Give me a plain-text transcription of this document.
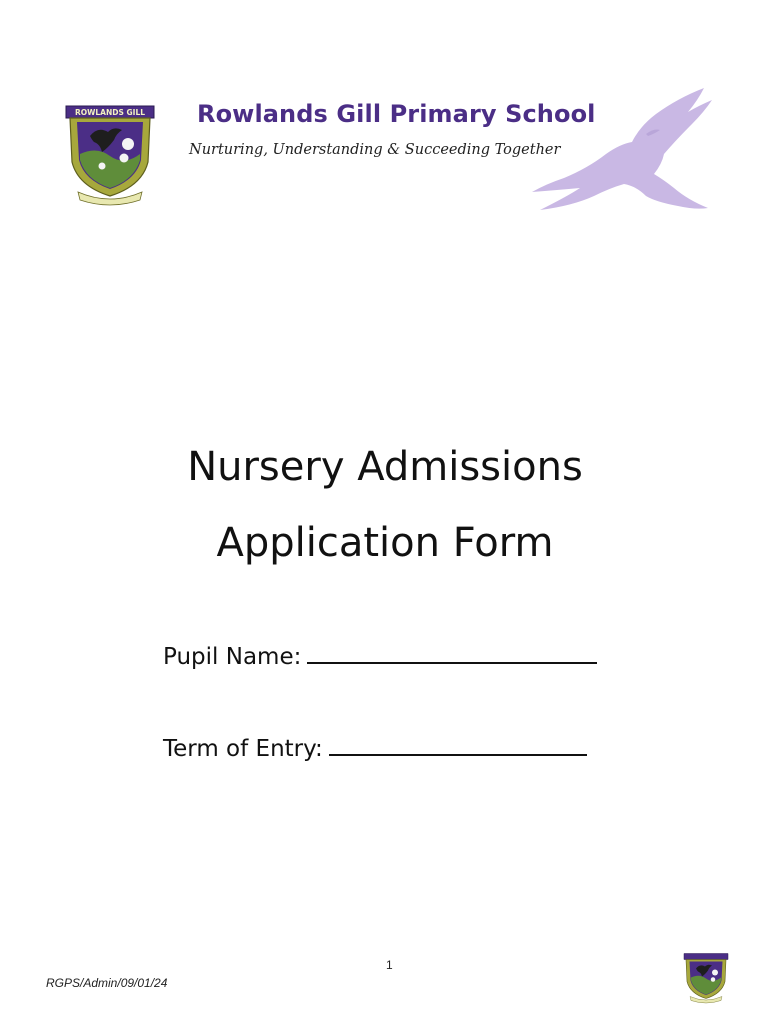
ROWLANDS GILL Rowlands Gill Primary School
Nurturing, Understanding & Succeeding Together
Nursery Admissions
Application Form
Pupil Name:
Term of Entry:
1
RGPS/Admin/09/01/24
